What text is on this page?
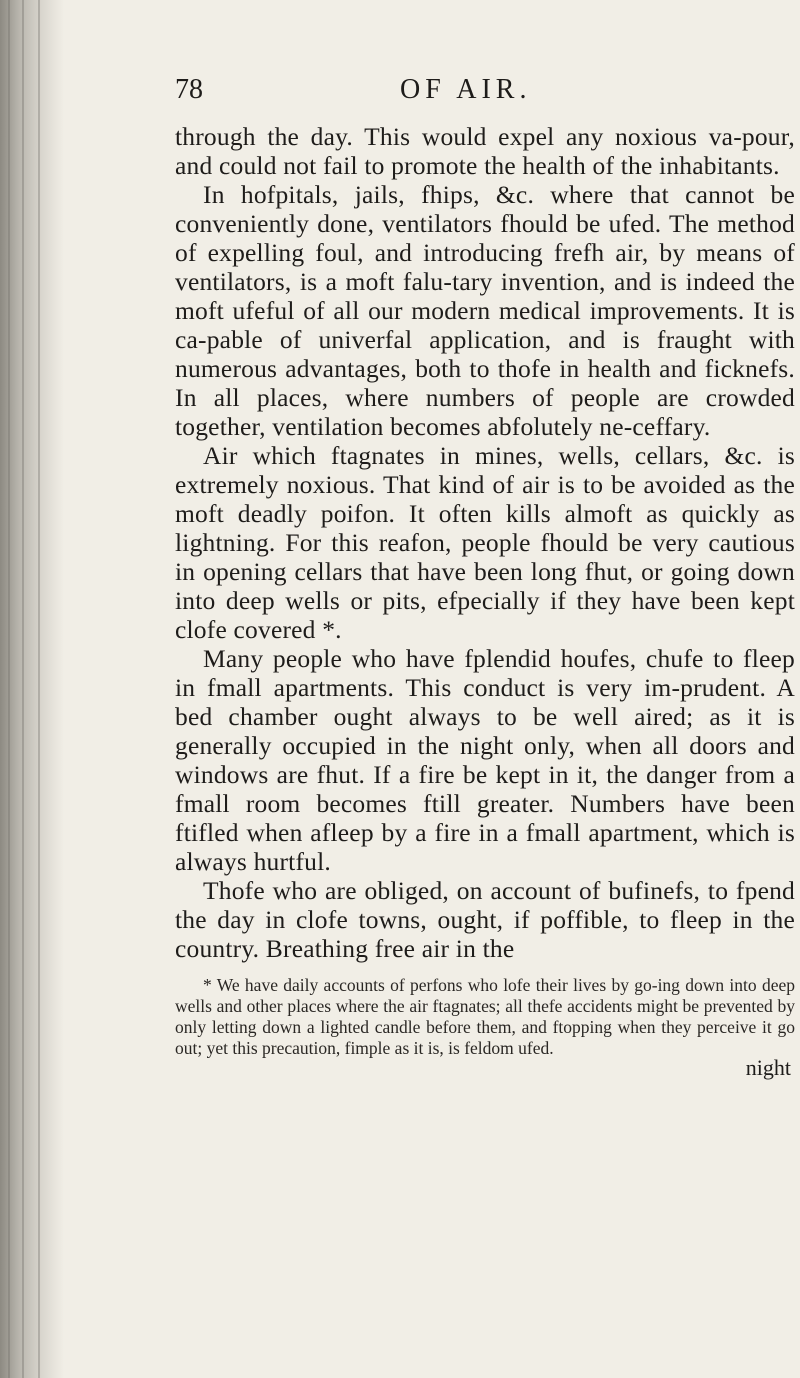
78	OF AIR.

through the day. This would expel any noxious va-pour, and could not fail to promote the health of the inhabitants.

In hofpitals, jails, fhips, &c. where that cannot be conveniently done, ventilators fhould be ufed. The method of expelling foul, and introducing frefh air, by means of ventilators, is a moft falu-tary invention, and is indeed the moft ufeful of all our modern medical improvements. It is ca-pable of univerfal application, and is fraught with numerous advantages, both to thofe in health and ficknefs. In all places, where numbers of people are crowded together, ventilation becomes abfolutely ne-ceffary.

Air which ftagnates in mines, wells, cellars, &c. is extremely noxious. That kind of air is to be avoided as the moft deadly poifon. It often kills almoft as quickly as lightning. For this reafon, people fhould be very cautious in opening cellars that have been long fhut, or going down into deep wells or pits, efpecially if they have been kept clofe covered *.

Many people who have fplendid houfes, chufe to fleep in fmall apartments. This conduct is very im-prudent. A bed chamber ought always to be well aired; as it is generally occupied in the night only, when all doors and windows are fhut. If a fire be kept in it, the danger from a fmall room becomes ftill greater. Numbers have been ftifled when afleep by a fire in a fmall apartment, which is always hurtful.

Thofe who are obliged, on account of bufinefs, to fpend the day in clofe towns, ought, if poffible, to fleep in the country. Breathing free air in the

* We have daily accounts of perfons who lofe their lives by go-ing down into deep wells and other places where the air ftagnates; all thefe accidents might be prevented by only letting down a lighted candle before them, and ftopping when they perceive it go out; yet this precaution, fimple as it is, is feldom ufed.

night
